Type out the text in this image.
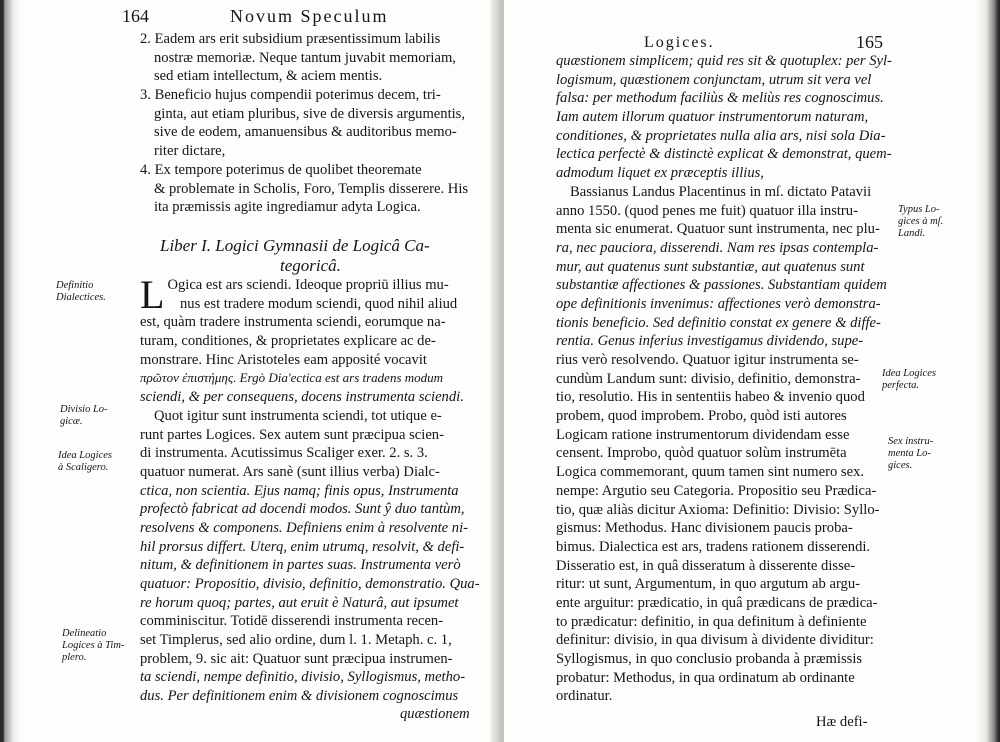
164	Novum Speculum
2. Eadem ars erit subsidium præsentissimum labilis
nostræ memoriæ. Neque tantum juvabit memoriam,
sed etiam intellectum, & aciem mentis.
3. Beneficio hujus compendii poterimus decem, tri-
ginta, aut etiam pluribus, sive de diversis argumentis,
sive de eodem, amanuensibus & auditoribus memo-
riter dictare,
4. Ex tempore poterimus de quolibet theoremate
& problemate in Scholis, Foro, Templis disserere. His
ita præmissis agite ingrediamur adyta Logica.
Liber I. Logici Gymnasii de Logicâ Ca-
tegoricâ.
L Ogica est ars sciendi. Ideoque propriū illius mu-
nus est tradere modum sciendi, quod nihil aliud
est, quàm tradere instrumenta sciendi, eorumque na-
turam, conditiones, & proprietates explicare ac de-
monstrare. Hinc Aristoteles eam apposité vocavit
πρῶτον ἐπιστήμης. Ergò Dia'ectica est ars tradens modum
sciendi, & per consequens, docens instrumenta sciendi.
Quot igitur sunt instrumenta sciendi, tot utique e-
runt partes Logices. Sex autem sunt præcipua scien-
di instrumenta. Acutissimus Scaliger exer. 2. s. 3.
quatuor numerat. Ars sanè (sunt illius verba) Dialc-
ctica, non scientia. Ejus namq; finis opus, Instrumenta
profectò fabricat ad docendi modos. Sunt ŷ duo tantùm,
resolvens & componens. Definiens enim à resolvente ni-
hil prorsus differt. Uterq, enim utrumq, resolvit, & defi-
nitum, & definitionem in partes suas. Instrumenta verò
quatuor: Propositio, divisio, definitio, demonstratio. Qua-
re horum quoq; partes, aut eruit è Naturâ, aut ipsumet
comminiscitur. Totidē disserendi instrumenta recen-
set Timplerus, sed alio ordine, dum l. 1. Metaph. c. 1,
problem, 9. sic ait: Quatuor sunt præcipua instrumen-
ta sciendi, nempe definitio, divisio, Syllogismus, metho-
dus. Per definitionem enim & divisionem cognoscimus
quæstionem
Definitio
Dialectices.
Divisio Lo-
gicæ.
Idea Logices
à Scaligero.
Delineatio
Logices à Tim-
plero.
Logices.	165
quæstionem simplicem; quid res sit & quotuplex: per Syl-
logismum, quæstionem conjunctam, utrum sit vera vel
falsa: per methodum faciliùs & meliùs res cognoscimus.
Iam autem illorum quatuor instrumentorum naturam,
conditiones, & proprietates nulla alia ars, nisi sola Dia-
lectica perfectè & distinctè explicat & demonstrat, quem-
admodum liquet ex præceptis illius,
Bassianus Landus Placentinus in mſ. dictato Patavii
anno 1550. (quod penes me fuit) quatuor illa instru-
menta sic enumerat. Quatuor sunt instrumenta, nec plu-
ra, nec pauciora, disserendi. Nam res ipsas contempla-
mur, aut quatenus sunt substantiæ, aut quatenus sunt
substantiæ affectiones & passiones. Substantiam quidem
ope definitionis invenimus: affectiones verò demonstra-
tionis beneficio. Sed definitio constat ex genere & diffe-
rentia. Genus inferius investigamus dividendo, supe-
rius verò resolvendo. Quatuor igitur instrumenta se-
cundùm Landum sunt: divisio, definitio, demonstra-
tio, resolutio. His in sententiis habeo & invenio quod
probem, quod improbem. Probo, quòd isti autores
Logicam ratione instrumentorum dividendam esse
censent. Improbo, quòd quatuor solùm instrumēta
Logica commemorant, quum tamen sint numero sex.
nempe: Argutio seu Categoria. Propositio seu Prædica-
tio, quæ aliàs dicitur Axioma: Definitio: Divisio: Syllo-
gismus: Methodus. Hanc divisionem paucis proba-
bimus. Dialectica est ars, tradens rationem disserendi.
Disseratio est, in quâ disseratum à disserente disse-
ritur: ut sunt, Argumentum, in quo argutum ab argu-
ente arguitur: prædicatio, in quâ prædicans de prædica-
to prædicatur: definitio, in qua definitum à definiente
definitur: divisio, in qua divisum à dividente dividitur:
Syllogismus, in quo conclusio probanda à præmissis
probatur: Methodus, in qua ordinatum ab ordinante
ordinatur.
Hæ defi-
Typus Lo-
gices à mſ.
Landi.
Idea Logices
perfecta.
Sex instru-
menta Lo-
gices.
